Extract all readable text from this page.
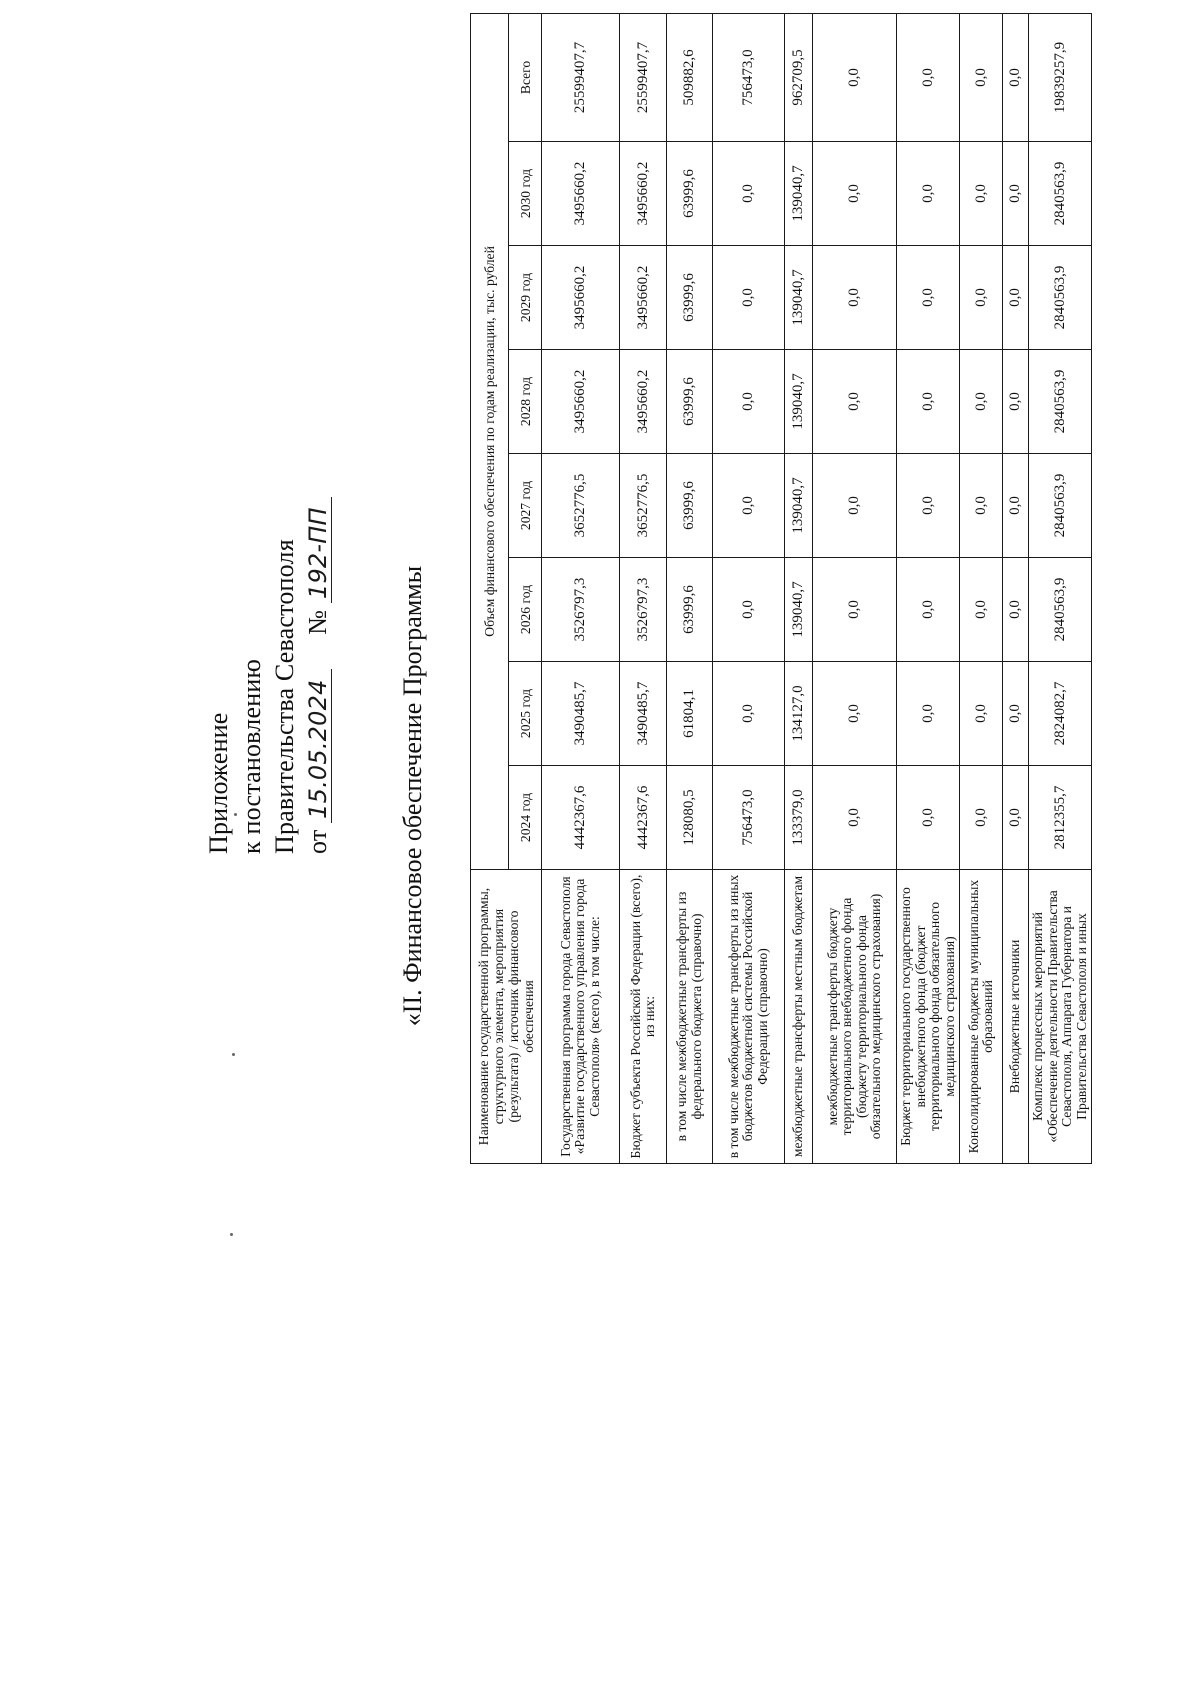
Приложение к постановлению Правительства Севастополя от 15.05.2024 № 192-ПП
«II. Финансовое обеспечение Программы	Наименование государственной программы, структурного элемента, мероприятия (результата) / источник финансового обеспечения	Объем финансового обеспечения по годам реализации, тыс. рублей							
	2024 год	2025 год	2026 год	2027 год	2028 год	2029 год	2030 год	Всего
Государственная программа города Севастополя «Развитие государственного управления города Севастополя» (всего), в том числе:	4442367,6	3490485,7	3526797,3	3652776,5	3495660,2	3495660,2	3495660,2	25599407,7
Бюджет субъекта Российской Федерации (всего), из них:	4442367,6	3490485,7	3526797,3	3652776,5	3495660,2	3495660,2	3495660,2	25599407,7
в том числе межбюджетные трансферты из федерального бюджета (справочно)	128080,5	61804,1	63999,6	63999,6	63999,6	63999,6	63999,6	509882,6
в том числе межбюджетные трансферты из иных бюджетов бюджетной системы Российской Федерации (справочно)	756473,0	0,0	0,0	0,0	0,0	0,0	0,0	756473,0
межбюджетные трансферты местным бюджетам	133379,0	134127,0	139040,7	139040,7	139040,7	139040,7	139040,7	962709,5
межбюджетные трансферты бюджету территориального внебюджетного фонда (бюджету территориального фонда обязательного медицинского страхования)	0,0	0,0	0,0	0,0	0,0	0,0	0,0	0,0
Бюджет территориального государственного внебюджетного фонда (бюджет территориального фонда обязательного медицинского страхования)	0,0	0,0	0,0	0,0	0,0	0,0	0,0	0,0
Консолидированные бюджеты муниципальных образований	0,0	0,0	0,0	0,0	0,0	0,0	0,0	0,0
Внебюджетные источники	0,0	0,0	0,0	0,0	0,0	0,0	0,0	0,0
Комплекс процессных мероприятий «Обеспечение деятельности Правительства Севастополя, Аппарата Губернатора и Правительства Севастополя и иных	2812355,7	2824082,7	2840563,9	2840563,9	2840563,9	2840563,9	2840563,9	19839257,9
